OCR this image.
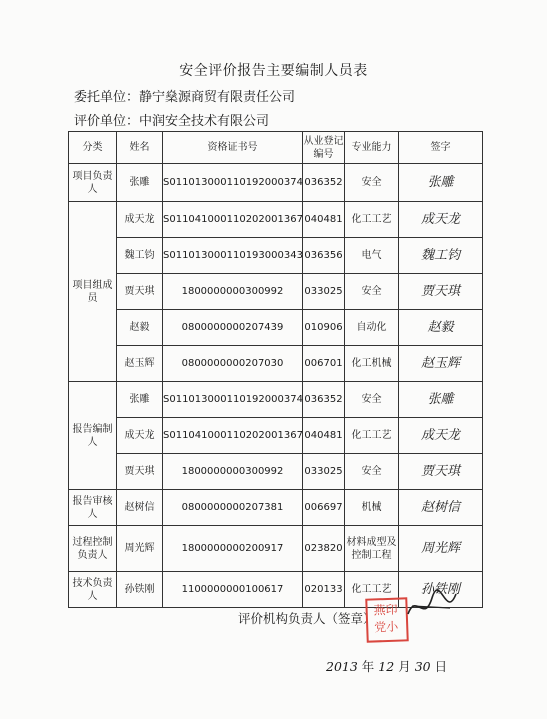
安全评价报告主要编制人员表
委托单位：静宁燊源商贸有限责任公司
评价单位：中润安全技术有限公司
分类	姓名	资格证书号	从业登记编号	专业能力	签字
项目负责人	张雕	S011013000110192000374	036352	安全	张雕
项目组成员	成天龙	S011041000110202001367	040481	化工工艺	成天龙
	魏工钧	S011013000110193000343	036356	电气	魏工钧
	贾天琪	1800000000300992	033025	安全	贾天琪
	赵毅	0800000000207439	010906	自动化	赵毅
	赵玉辉	0800000000207030	006701	化工机械	赵玉辉
报告编制人	张雕	S011013000110192000374	036352	安全	张雕
	成天龙	S011041000110202001367	040481	化工工艺	成天龙
	贾天琪	1800000000300992	033025	安全	贾天琪
报告审核人	赵树信	0800000000207381	006697	机械	赵树信
过程控制负责人	周光辉	1800000000200917	023820	材料成型及控制工程	周光辉
技术负责人	孙铁刚	1100000000100617	020133	化工工艺	孙铁刚
评价机构负责人（签章）
燕印 党小
2013 年 12 月 30 日
